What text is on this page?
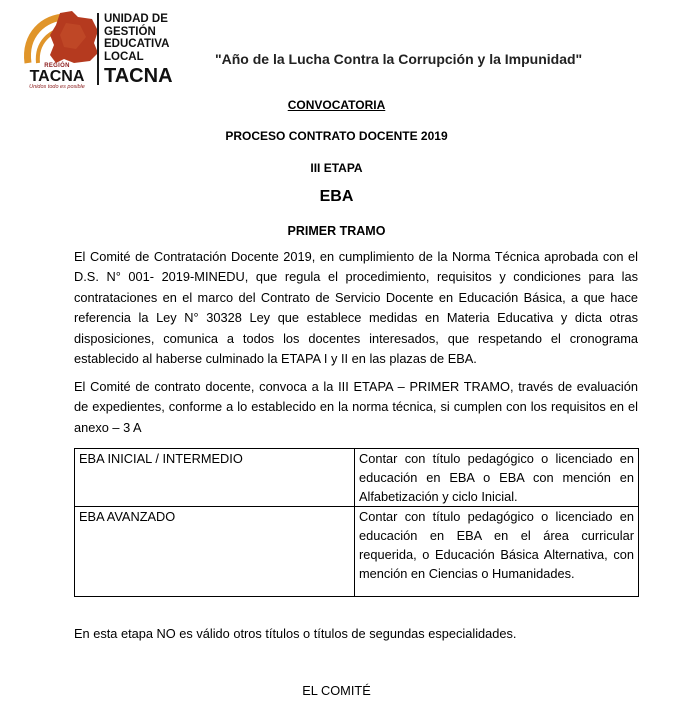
REGIÓN
TACNA
Unidos todo es posible
UNIDAD DE
GESTIÓN
EDUCATIVA
LOCAL
TACNA
"Año de la Lucha Contra la Corrupción y la Impunidad"
CONVOCATORIA
PROCESO CONTRATO DOCENTE 2019
III ETAPA
EBA
PRIMER TRAMO
El Comité de Contratación Docente 2019, en cumplimiento de la Norma Técnica aprobada con el D.S. N° 001- 2019-MINEDU, que regula el procedimiento, requisitos y condiciones para las contrataciones en el marco del Contrato de Servicio Docente en Educación Básica, a que hace referencia la Ley N° 30328 Ley que establece medidas en Materia Educativa y dicta otras disposiciones, comunica a todos los docentes interesados, que respetando el cronograma establecido al haberse culminado la ETAPA I y II en las plazas de EBA.
El Comité de contrato docente, convoca a la III ETAPA – PRIMER TRAMO, través de evaluación de expedientes, conforme a lo establecido en la norma técnica, si cumplen con los requisitos en el anexo – 3 A
EBA INICIAL / INTERMEDIO	Contar con título pedagógico o licenciado en educación en EBA o EBA con mención en Alfabetización y ciclo Inicial.
EBA AVANZADO	Contar con título pedagógico o licenciado en educación en EBA en el área curricular requerida, o Educación Básica Alternativa, con mención en Ciencias o Humanidades.
En esta etapa NO es válido otros títulos o títulos de segundas especialidades.
EL COMITÉ
